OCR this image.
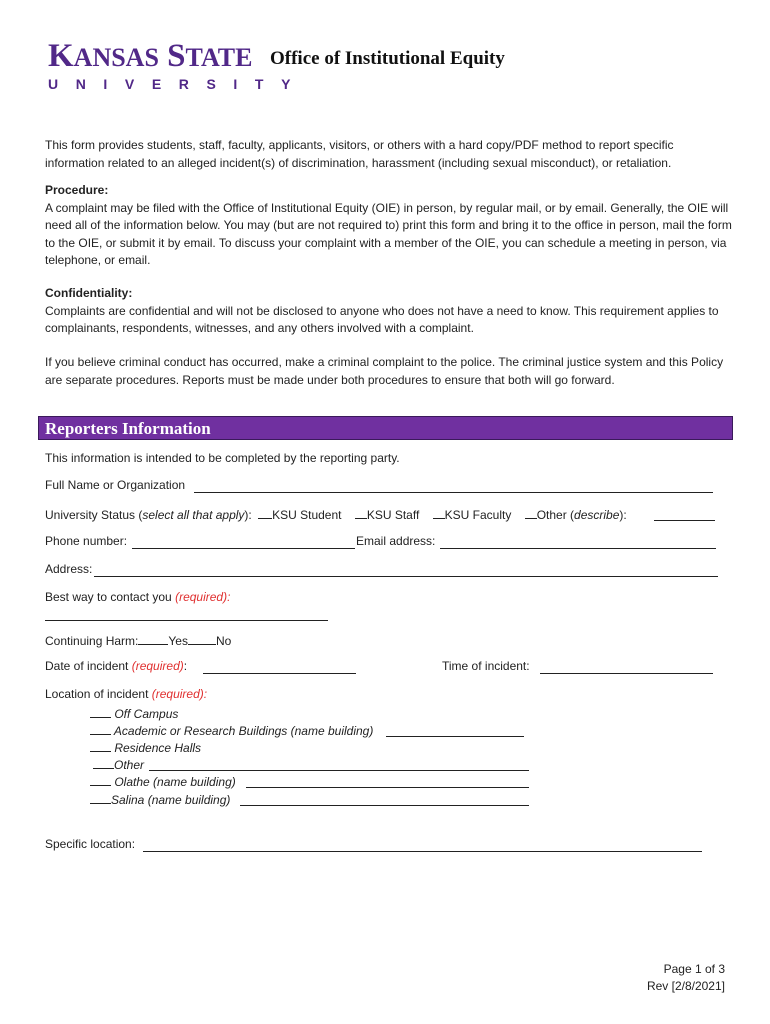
KANSAS STATE
UNIVERSITY
Office of Institutional Equity
This form provides students, staff, faculty, applicants, visitors, or others with a hard copy/PDF method to report specific information related to an alleged incident(s) of discrimination, harassment (including sexual misconduct), or retaliation.
Procedure:
A complaint may be filed with the Office of Institutional Equity (OIE) in person, by regular mail, or by email. Generally, the OIE will need all of the information below. You may (but are not required to) print this form and bring it to the office in person, mail the form to the OIE, or submit it by email. To discuss your complaint with a member of the OIE, you can schedule a meeting in person, via telephone, or email.
Confidentiality:
Complaints are confidential and will not be disclosed to anyone who does not have a need to know. This requirement applies to complainants, respondents, witnesses, and any others involved with a complaint.
If you believe criminal conduct has occurred, make a criminal complaint to the police. The criminal justice system and this Policy are separate procedures. Reports must be made under both procedures to ensure that both will go forward.
Reporters Information
This information is intended to be completed by the reporting party.
Full Name or Organization
University Status (select all that apply): KSU Student KSU Staff KSU Faculty Other (describe):
Phone number:	Email address:
Address:
Best way to contact you (required):
Continuing Harm:	Yes No
Date of incident (required):	Time of incident:
Location of incident (required):
Off Campus
Academic or Research Buildings (name building)
Residence Halls
Other
Olathe (name building)
Salina (name building)
Specific location:
Page 1 of 3
Rev [2/8/2021]
